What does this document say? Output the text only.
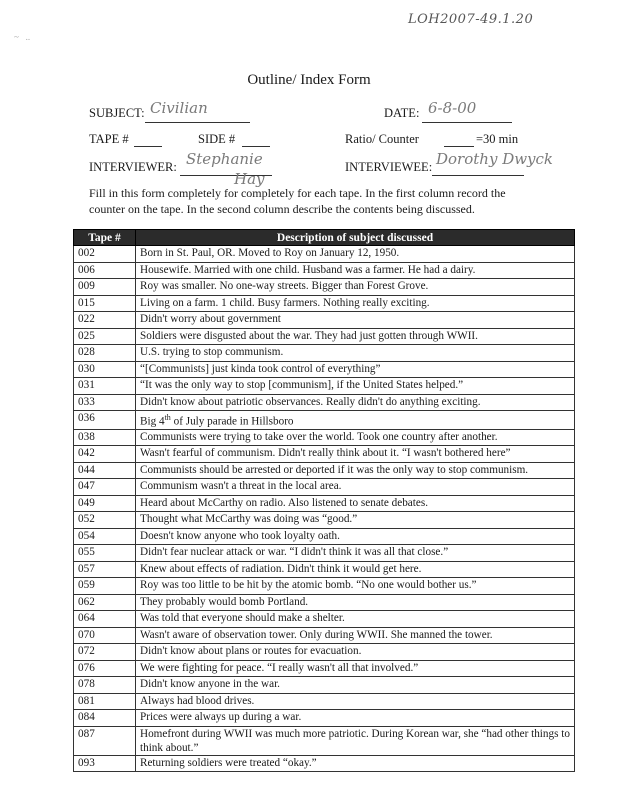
~   ..
LOH2007-49.1.20
Outline/ Index Form
SUBJECT: Civilian	DATE: 6-8-00
TAPE #	SIDE #	Ratio/ Counter	=30 min
INTERVIEWER: Stephanie
Hay
INTERVIEWEE: Dorothy Dwyck
Fill in this form completely for completely for each tape. In the first column record the counter on the tape. In the second column describe the contents being discussed.
Tape #	Description of subject discussed
002	Born in St. Paul, OR. Moved to Roy on January 12, 1950.
006	Housewife. Married with one child. Husband was a farmer. He had a dairy.
009	Roy was smaller. No one-way streets. Bigger than Forest Grove.
015	Living on a farm. 1 child. Busy farmers. Nothing really exciting.
022	Didn't worry about government
025	Soldiers were disgusted about the war. They had just gotten through WWII.
028	U.S. trying to stop communism.
030	“[Communists] just kinda took control of everything”
031	“It was the only way to stop [communism], if the United States helped.”
033	Didn't know about patriotic observances. Really didn't do anything exciting.
036	Big 4th of July parade in Hillsboro
038	Communists were trying to take over the world. Took one country after another.
042	Wasn't fearful of communism. Didn't really think about it. “I wasn't bothered here”
044	Communists should be arrested or deported if it was the only way to stop communism.
047	Communism wasn't a threat in the local area.
049	Heard about McCarthy on radio. Also listened to senate debates.
052	Thought what McCarthy was doing was “good.”
054	Doesn't know anyone who took loyalty oath.
055	Didn't fear nuclear attack or war. “I didn't think it was all that close.”
057	Knew about effects of radiation. Didn't think it would get here.
059	Roy was too little to be hit by the atomic bomb. “No one would bother us.”
062	They probably would bomb Portland.
064	Was told that everyone should make a shelter.
070	Wasn't aware of observation tower. Only during WWII. She manned the tower.
072	Didn't know about plans or routes for evacuation.
076	We were fighting for peace. “I really wasn't all that involved.”
078	Didn't know anyone in the war.
081	Always had blood drives.
084	Prices were always up during a war.
087	Homefront during WWII was much more patriotic. During Korean war, she “had other things to think about.”
093	Returning soldiers were treated “okay.”
